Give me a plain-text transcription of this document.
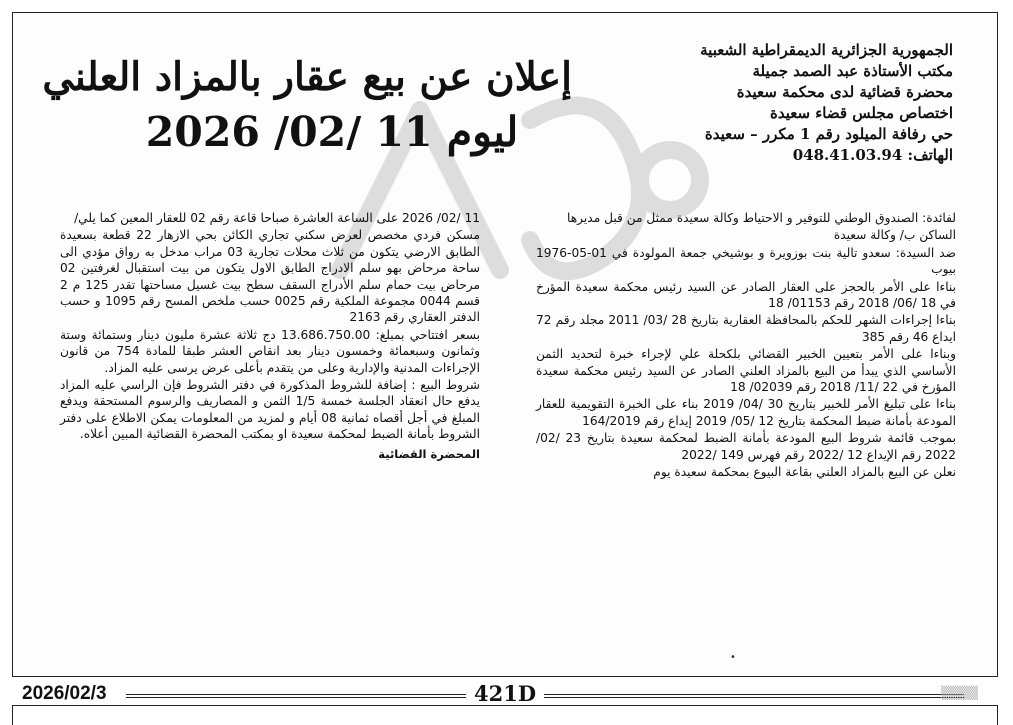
الجمهورية الجزائرية الديمقراطية الشعبية
مكتب الأستاذة عبد الصمد جميلة
محضرة قضائية لدى محكمة سعيدة
اختصاص مجلس قضاء سعيدة
حي رفافة الميلود رقم 1 مكرر – سعيدة
الهاتف: 048.41.03.94
إعلان عن بيع عقار بالمزاد العلني
ليوم 11 /02/ 2026

لفائدة: الصندوق الوطني للتوفير و الاحتياط وكالة سعيدة ممثل من قبل مديرها

الساكن ب/ وكالة سعيدة

ضد السيدة: سعدو تالية بنت بوزويرة و بوشيخي جمعة المولودة في 01-05-1976 بيوب

بناءا على الأمر بالحجز على العقار الصادر عن السيد رئيس محكمة سعيدة المؤرخ في 18 /06/ 2018 رقم 01153/ 18

بناءا إجراءات الشهر للحكم بالمحافظة العقارية بتاريخ 28 /03/ 2011 مجلد رقم 72 ايداع 46 رقم 385

وبناءا على الأمر بتعيين الخبير القضائي بلكحلة علي لإجراء خبرة لتحديد الثمن الأساسي الذي يبدأ من البيع بالمزاد العلني الصادر عن السيد رئيس محكمة سعيدة المؤرخ في 22 /11/ 2018 رقم 02039/ 18

بناءا على تبليغ الأمر للخبير بتاريخ 30 /04/ 2019 بناء على الخبرة التقويمية للعقار المودعة بأمانة ضبط المحكمة بتاريخ 12 /05/ 2019 إيداع رقم 164/2019

بموجب قائمة شروط البيع المودعة بأمانة الضبط لمحكمة سعيدة بتاريخ 23 /02/ 2022 رقم الإيداع 12 /2022 رقم فهرس 149 /2022

نعلن عن البيع بالمزاد العلني بقاعة البيوع بمحكمة سعيدة يوم

11 /02/ 2026 على الساعة العاشرة صباحا قاعة رقم 02 للعقار المعين كما يلي/

مسكن فردي مخصص لعرض سكني تجاري الكائن بحي الازهار 22 قطعة بسعيدة الطابق الارضي يتكون من ثلاث محلات تجارية 03 مراب مدخل به رواق مؤدي الى ساحة مرحاض بهو سلم الادراج الطابق الاول يتكون من بيت استقبال لغرفتين 02 مرحاض بيت حمام سلم الأدراج السقف سطح بيت غسيل مساحتها تقدر 125 م 2 قسم 0044 مجموعة الملكية رقم 0025 حسب ملخص المسح رقم 1095 و حسب الدفتر العقاري رقم 2163

بسعر افتتاحي بمبلغ: 13.686.750.00 دج ثلاثة عشرة مليون دينار وستمائة وستة وثمانون وسبعمائة وخمسون دينار بعد انقاص العشر طبقا للمادة 754 من قانون الإجراءات المدنية والإدارية وعلى من يتقدم بأعلى عرض يرسى عليه المزاد.

شروط البيع : إضافة للشروط المذكورة في دفتر الشروط فإن الراسي عليه المزاد يدفع حال انعقاد الجلسة خمسة 1/5 الثمن و المصاريف والرسوم المستحقة ويدفع المبلغ في أجل أقصاه ثمانية 08 أيام و لمزيد من المعلومات يمكن الاطلاع على دفتر الشروط بأمانة الضبط لمحكمة سعيدة او بمكتب المحضرة القضائية المبين أعلاه.

المحضرة القضائية
•
2026/02/3	421D	▒▒▒▒
